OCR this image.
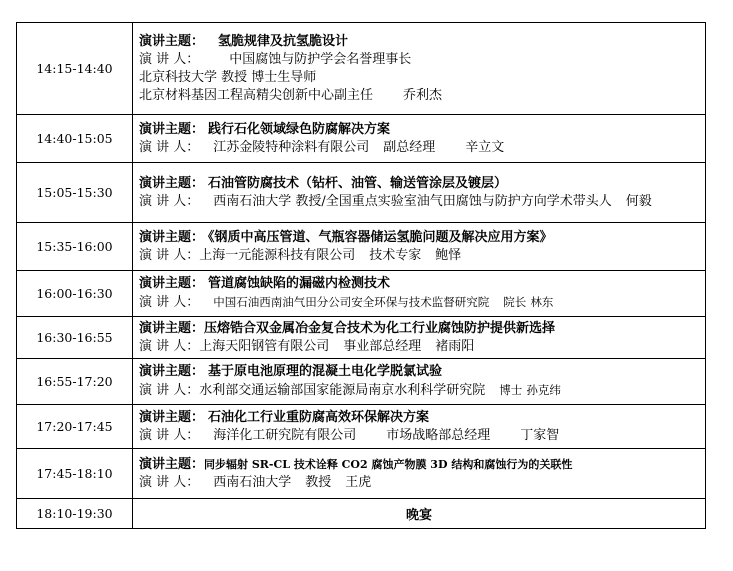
14:15-14:40	演讲主题： 氢脆规律及抗氢脆设计
演 讲 人： 中国腐蚀与防护学会名誉理事长
北京科技大学 教授 博士生导师
北京材料基因工程高精尖创新中心副主任 乔利杰

14:40-15:05	演讲主题： 践行石化领域绿色防腐解决方案
演 讲 人： 江苏金陵特种涂料有限公司 副总经理 辛立文

15:05-15:30	演讲主题： 石油管防腐技术（钻杆、油管、输送管涂层及镀层）
演 讲 人： 西南石油大学 教授/全国重点实验室油气田腐蚀与防护方向学术带头人 何毅

15:35-16:00	演讲主题： 《钢质中高压管道、气瓶容器储运氢脆问题及解决应用方案》
演 讲 人：上海一元能源科技有限公司 技术专家 鲍怿

16:00-16:30	演讲主题： 管道腐蚀缺陷的漏磁内检测技术
演 讲 人： 中国石油西南油气田分公司安全环保与技术监督研究院 院长 林东

16:30-16:55	演讲主题：压熔锆合双金属冶金复合技术为化工行业腐蚀防护提供新选择
演 讲 人：上海天阳钢管有限公司 事业部总经理 褚雨阳

16:55-17:20	演讲主题： 基于原电池原理的混凝土电化学脱氯试验
演 讲 人：水利部交通运输部国家能源局南京水利科学研究院 博士 孙克纬

17:20-17:45	演讲主题： 石油化工行业重防腐高效环保解决方案
演 讲 人： 海洋化工研究院有限公司 市场战略部总经理 丁家智

17:45-18:10	演讲主题：同步辐射 SR-CL 技术诠释 CO2 腐蚀产物膜 3D 结构和腐蚀行为的关联性
演 讲 人： 西南石油大学 教授 王虎

18:10-19:30	晚宴
